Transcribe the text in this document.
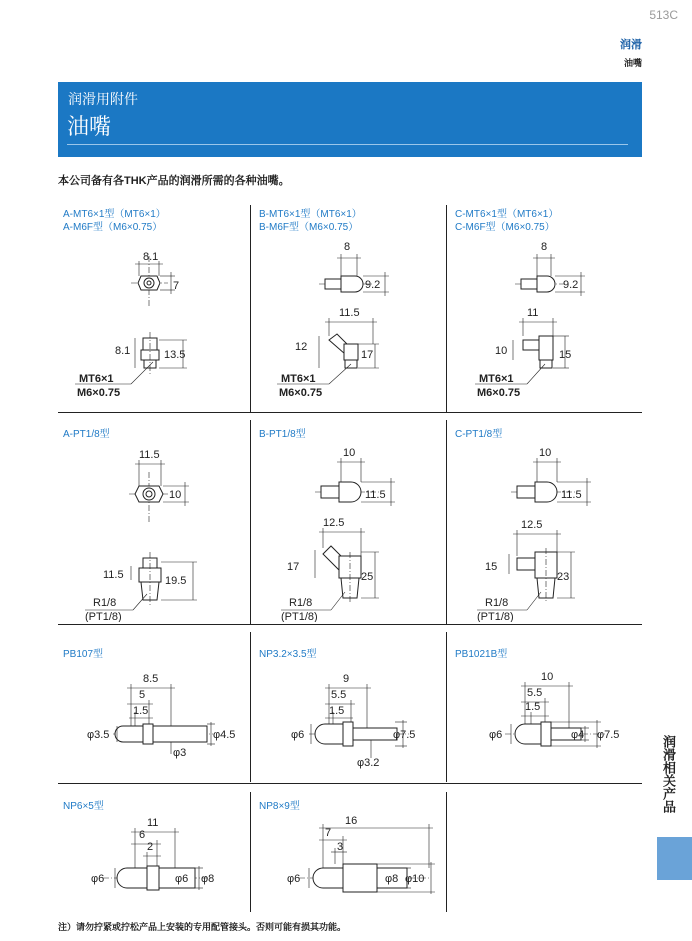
513C
润滑
油嘴
润滑用附件
油嘴
本公司备有各THK产品的润滑所需的各种油嘴。
A-MT6×1型（MT6×1）
A-M6F型（M6×0.75）
8.1
7
8.1	13.5
MT6×1
M6×0.75
B-MT6×1型（MT6×1）
B-M6F型（M6×0.75）
8
9.2
11.5
12
17
MT6×1
M6×0.75
C-MT6×1型（MT6×1）
C-M6F型（M6×0.75）
8
9.2
11
10	15
MT6×1
M6×0.75
A-PT1/8型
11.5
10
11.5	19.5
R1/8
(PT1/8)
B-PT1/8型
10
11.5
12.5
17
25
R1/8
(PT1/8)
C-PT1/8型
10
11.5
12.5
15
23
R1/8
(PT1/8)
PB107型
8.5
5
1.5
φ3.5	φ4.5
φ3
NP3.2×3.5型
9
5.5
1.5
φ6	φ7.5
φ3.2
PB1021B型
10
5.5
1.5
φ6	φ4 φ7.5
NP6×5型
11
6
2
φ6	φ6 φ8
NP8×9型
16
7
3
φ6	φ8 φ10
润滑相关产品
注）请勿拧紧或拧松产品上安装的专用配管接头。否则可能有损其功能。
